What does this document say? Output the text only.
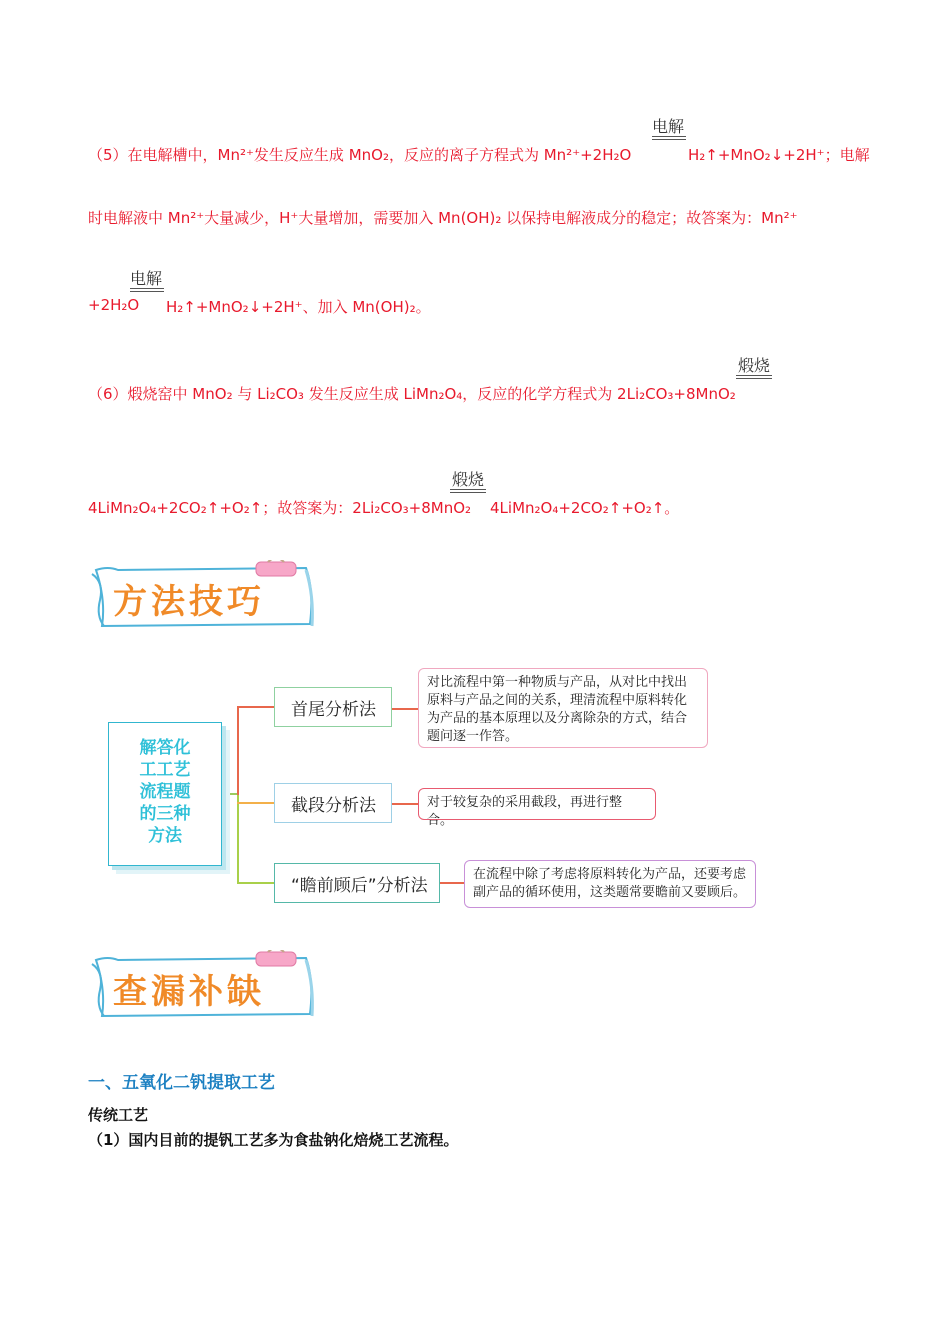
电解
（5）在电解槽中，Mn²⁺发生反应生成 MnO₂，反应的离子方程式为 Mn²⁺+2H₂O	H₂↑+MnO₂↓+2H⁺；电解
时电解液中 Mn²⁺大量减少，H⁺大量增加，需要加入 Mn(OH)₂ 以保持电解液成分的稳定；故答案为：Mn²⁺
电解
+2H₂O H₂↑+MnO₂↓+2H⁺、加入 Mn(OH)₂。
煅烧
（6）煅烧窑中 MnO₂ 与 Li₂CO₃ 发生反应生成 LiMn₂O₄，反应的化学方程式为 2Li₂CO₃+8MnO₂
煅烧
4LiMn₂O₄+2CO₂↑+O₂↑；故答案为：2Li₂CO₃+8MnO₂ 4LiMn₂O₄+2CO₂↑+O₂↑。
方法技巧
解答化
工工艺
流程题
的三种
方法
首尾分析法
截段分析法
“瞻前顾后”分析法
对比流程中第一种物质与产品，从对比中找出原料与产品之间的关系，理清流程中原料转化为产品的基本原理以及分离除杂的方式，结合题问逐一作答。
对于较复杂的采用截段，再进行整合。
在流程中除了考虑将原料转化为产品，还要考虑副产品的循环使用，这类题常要瞻前又要顾后。
查漏补缺
一、五氧化二钒提取工艺
传统工艺
（1）国内目前的提钒工艺多为食盐钠化焙烧工艺流程。
